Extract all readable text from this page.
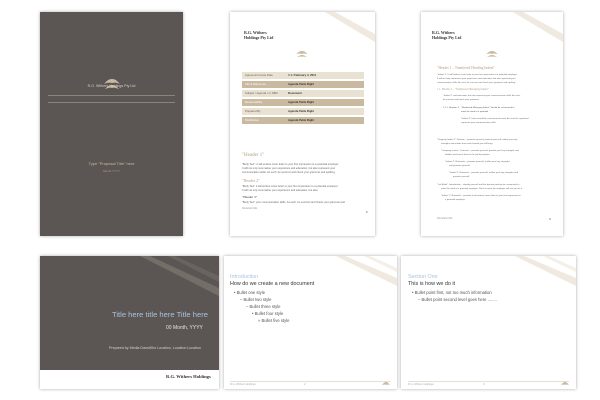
R.G. Withers Holdings Pty Ltd
Type "Proposal Title" here
Month YYYY
R.G. Withers
Holdings Pty Ltd
Agreement Issue Date	4 1 / February 4, 2011
Client Reference	Agenda Table Right
Subject / Agenda / or NBN	Document
Responsibility	Agenda Table Right
Prepared By	Agenda Table Right
Distribution	Agenda Table Right
"Header 1"
"Body Text": it will endure cover letter to your first impression to a potential employer.
It will not only summarise your experience and education, but also represent your
communication skills. As such, be succinct and check your grammar and spelling.
"Header 2"
"Body Text" it will endure cover letter to your first impression to a potential employer.
It will not only summarise your experience and education, but also
"Header 3"
"Body Text" your communication skills. As such, be succinct and check your grammar and
Document title
2
R.G. Withers
Holdings Pty Ltd
"Header 1 – Numbered Heading Indent"
"Indent 1": It will endure cover letter to your first impression to a potential employer.
It will not only summarise your experience and education, but also represent your
communication skills. As such, be succinct and check your grammar and spelling.
1.1. Header 2 – "Numbered Managing Indent"
"Indent 2" and education, but also represent your communication skills. As such,
be succinct and check your grammar.
1.1.1. Number 3 – "Numbered Managing Indent" Should be customised to
meet the need of a potential
"Indent 3": letter should be customised to meet the need of a potential
represent your communication skills.
"Dropping Indent 1": Reason – promote yourself, promote yourself, outline your key
strengths and outline how much benefit you will bring.
"Company review": Outcome – promote yourself, provide your key strengths and
abilities and match them to the job description.
"Indent 4": Rationale – promote yourself, outline your key strengths
and promote yourself.
"Indent 5": Rationale – promote yourself, outline your key strengths and
promote yourself.
"List Bullet": Introduction – identify yourself and the desired position be customised to
meet the need of a potential employer. Don't assume the employer will see you as a
"Indent 1": Rationale – promote it will endure cover letter to your first impression to
a potential employer.
Document title	3
Title here title here Title here
00 Month, YYYY
Prepared by Media DansWho Location, Location Location
R.G. Withers Holdings
Introduction
How do we create a new document
• Bullet one style
– Bullet two style
– Bullet three style
• Bullet four style
» Bullet five style
R.G. Withers Holdings	2
Section One
This is how we do it
• Bullet point first, not too much information
– Bullet point second level goes here ........
R.G. Withers Holdings	3
